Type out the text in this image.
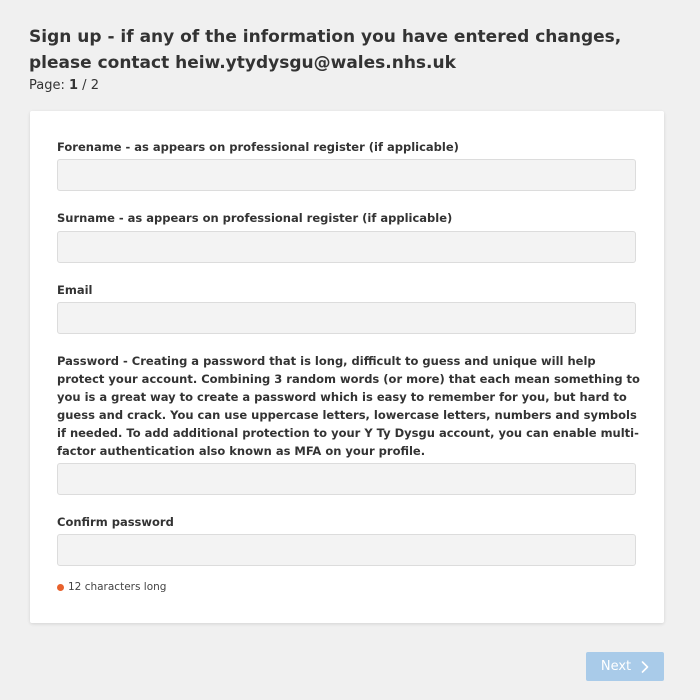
Sign up - if any of the information you have entered changes, please contact heiw.ytydysgu@wales.nhs.uk
Page: 1 / 2
Forename - as appears on professional register (if applicable)
Surname - as appears on professional register (if applicable)
Email
Password - Creating a password that is long, difficult to guess and unique will help protect your account. Combining 3 random words (or more) that each mean something to you is a great way to create a password which is easy to remember for you, but hard to guess and crack. You can use uppercase letters, lowercase letters, numbers and symbols if needed. To add additional protection to your Y Ty Dysgu account, you can enable multi-factor authentication also known as MFA on your profile.
Confirm password
12 characters long
Next
